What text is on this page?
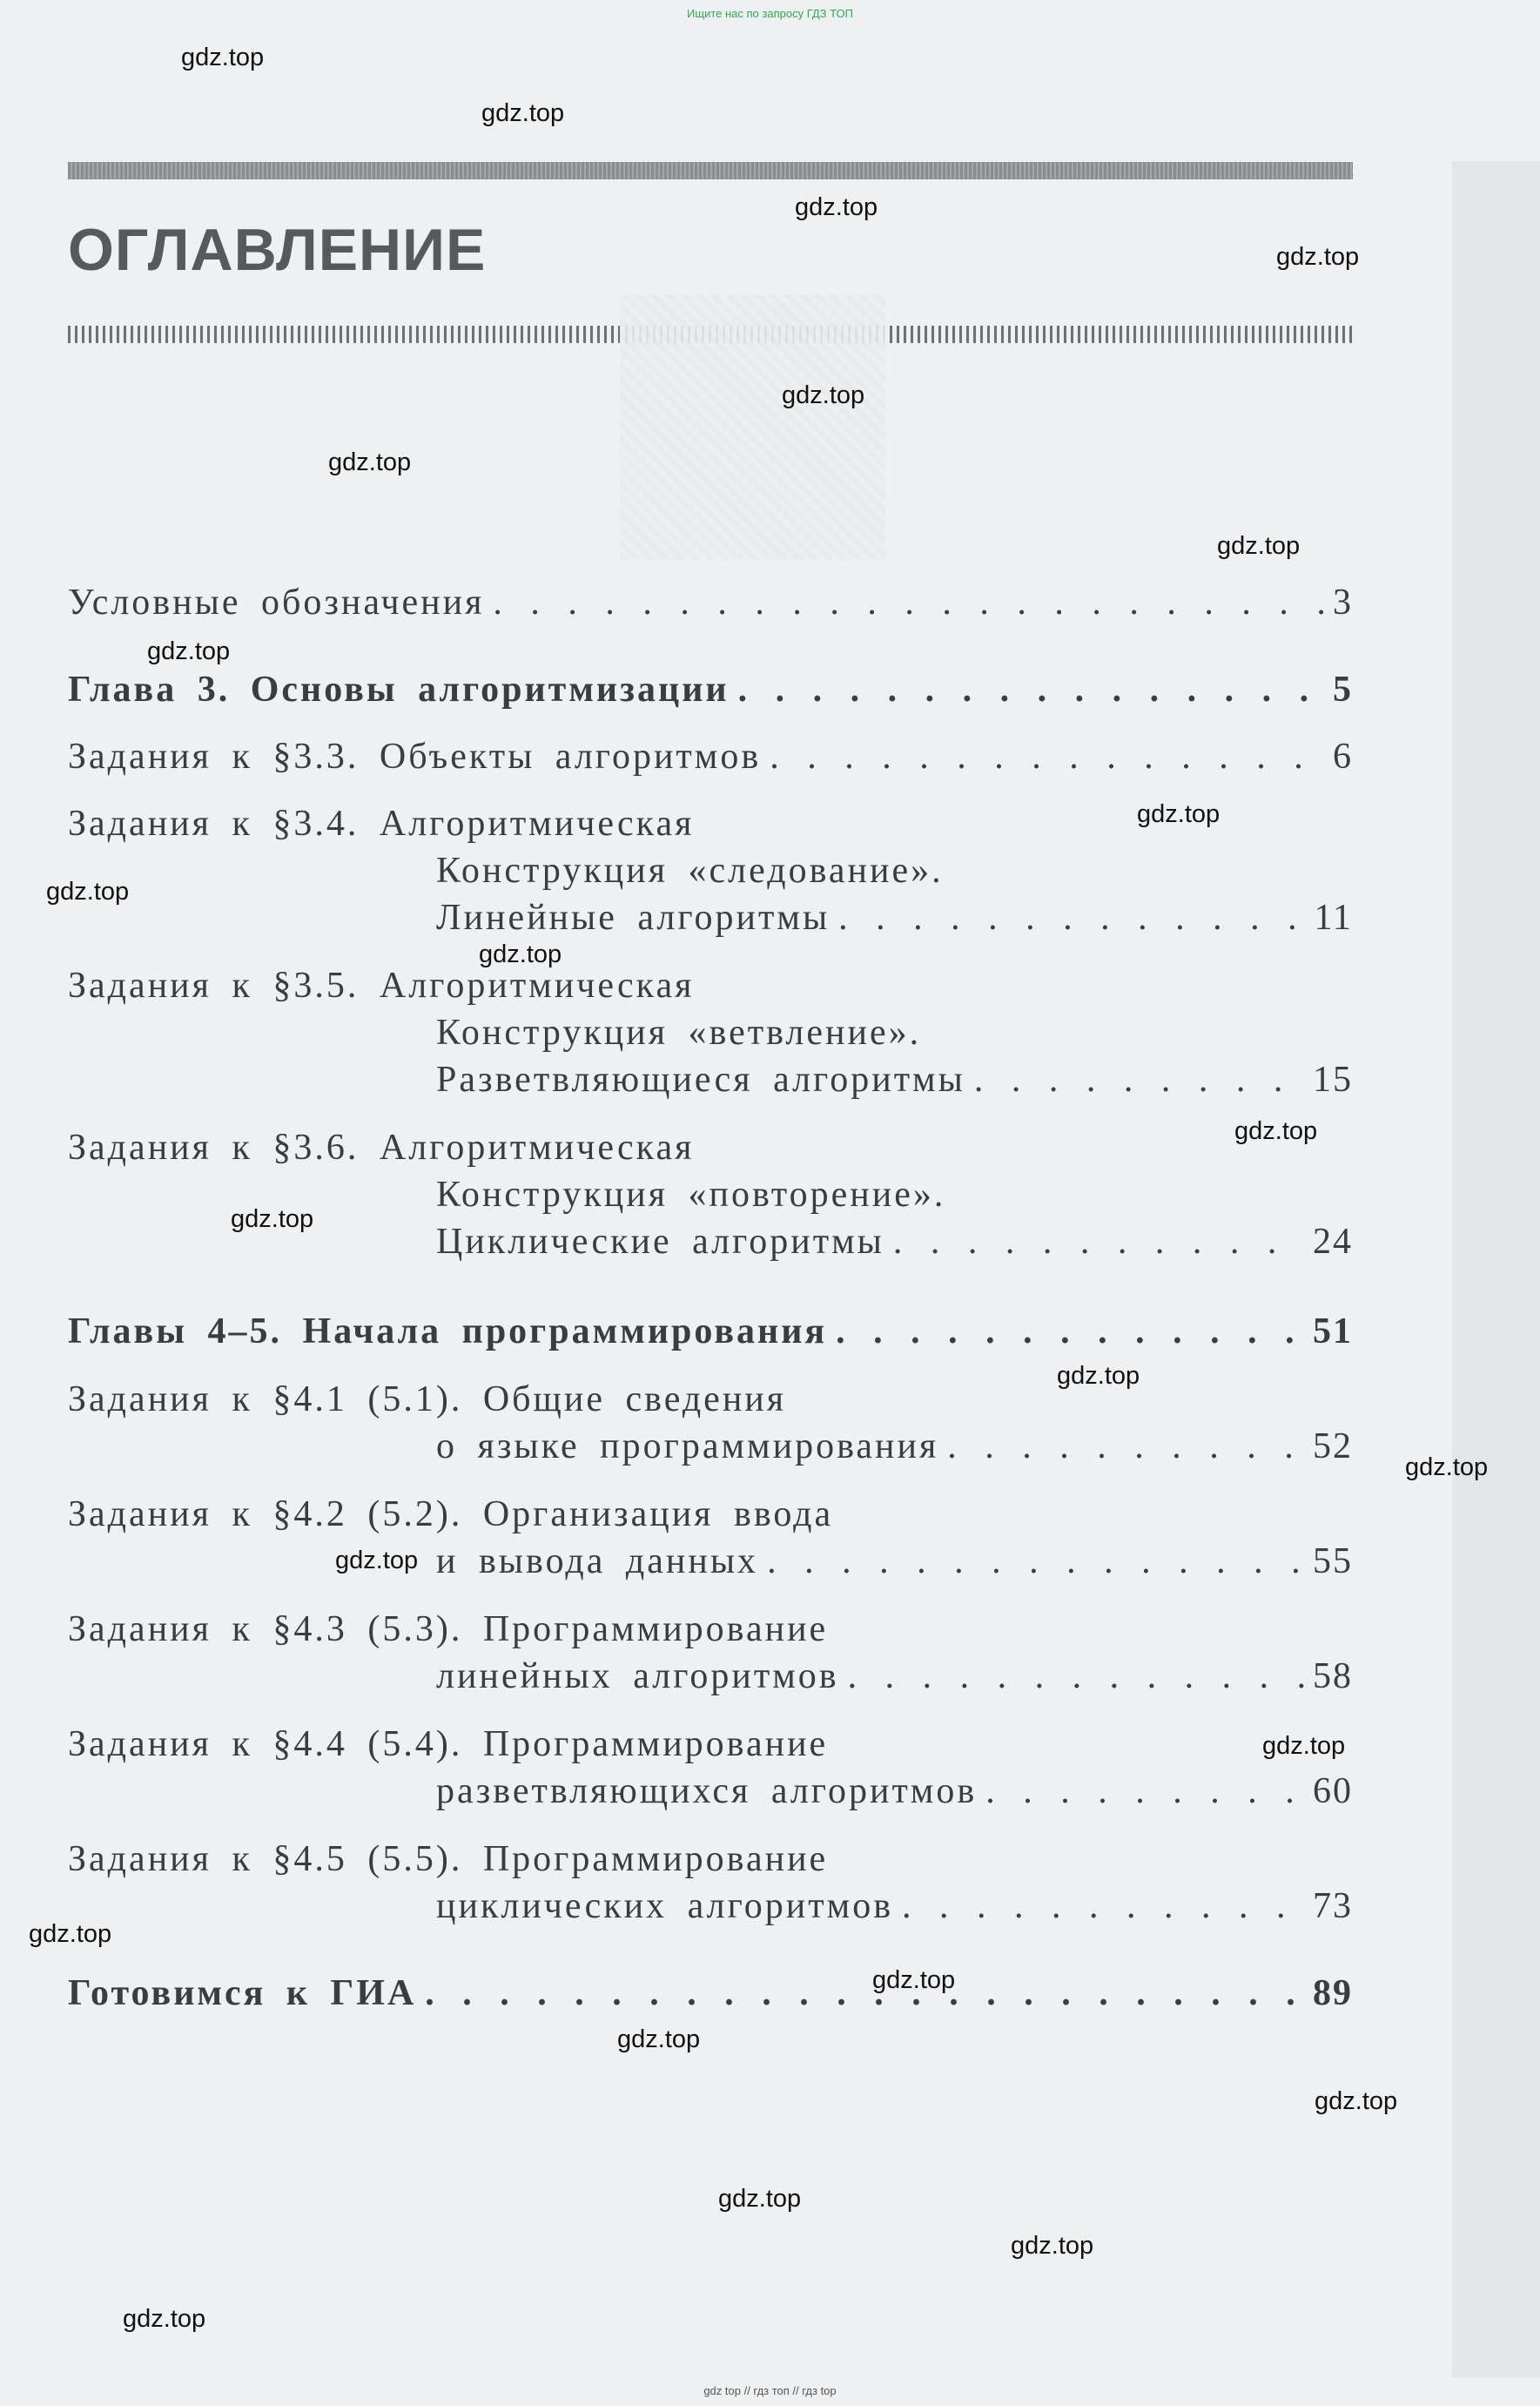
Ищите нас по запросу ГДЗ ТОП
ОГЛАВЛЕНИЕ
Условные обозначения . . .	3
Глава 3. Основы алгоритмизации . . .	5
Задания к §3.3. Объекты алгоритмов . . .	6
Задания к §3.4. Алгоритмическая
Конструкция «следование».
Линейные алгоритмы . . .	11
Задания к §3.5. Алгоритмическая
Конструкция «ветвление».
Разветвляющиеся алгоритмы . . .	15
Задания к §3.6. Алгоритмическая
Конструкция «повторение».
Циклические алгоритмы . . .	24
Главы 4–5. Начала программирования . . .	51
Задания к §4.1 (5.1). Общие сведения
о языке программирования . . .	52
Задания к §4.2 (5.2). Организация ввода
и вывода данных . . .	55
Задания к §4.3 (5.3). Программирование
линейных алгоритмов . . .	58
Задания к §4.4 (5.4). Программирование
разветвляющихся алгоритмов . . .	60
Задания к §4.5 (5.5). Программирование
циклических алгоритмов . . .	73
Готовимся к ГИА . . .	89
gdz.top
gdz.top
gdz.top
gdz.top
gdz.top
gdz.top
gdz.top
gdz.top
gdz.top
gdz.top
gdz.top
gdz.top
gdz.top
gdz.top
gdz.top
gdz.top
gdz.top
gdz.top
gdz.top
gdz.top
gdz.top
gdz.top
gdz.top
gdz.top
gdz top // гдз топ // гдз top
